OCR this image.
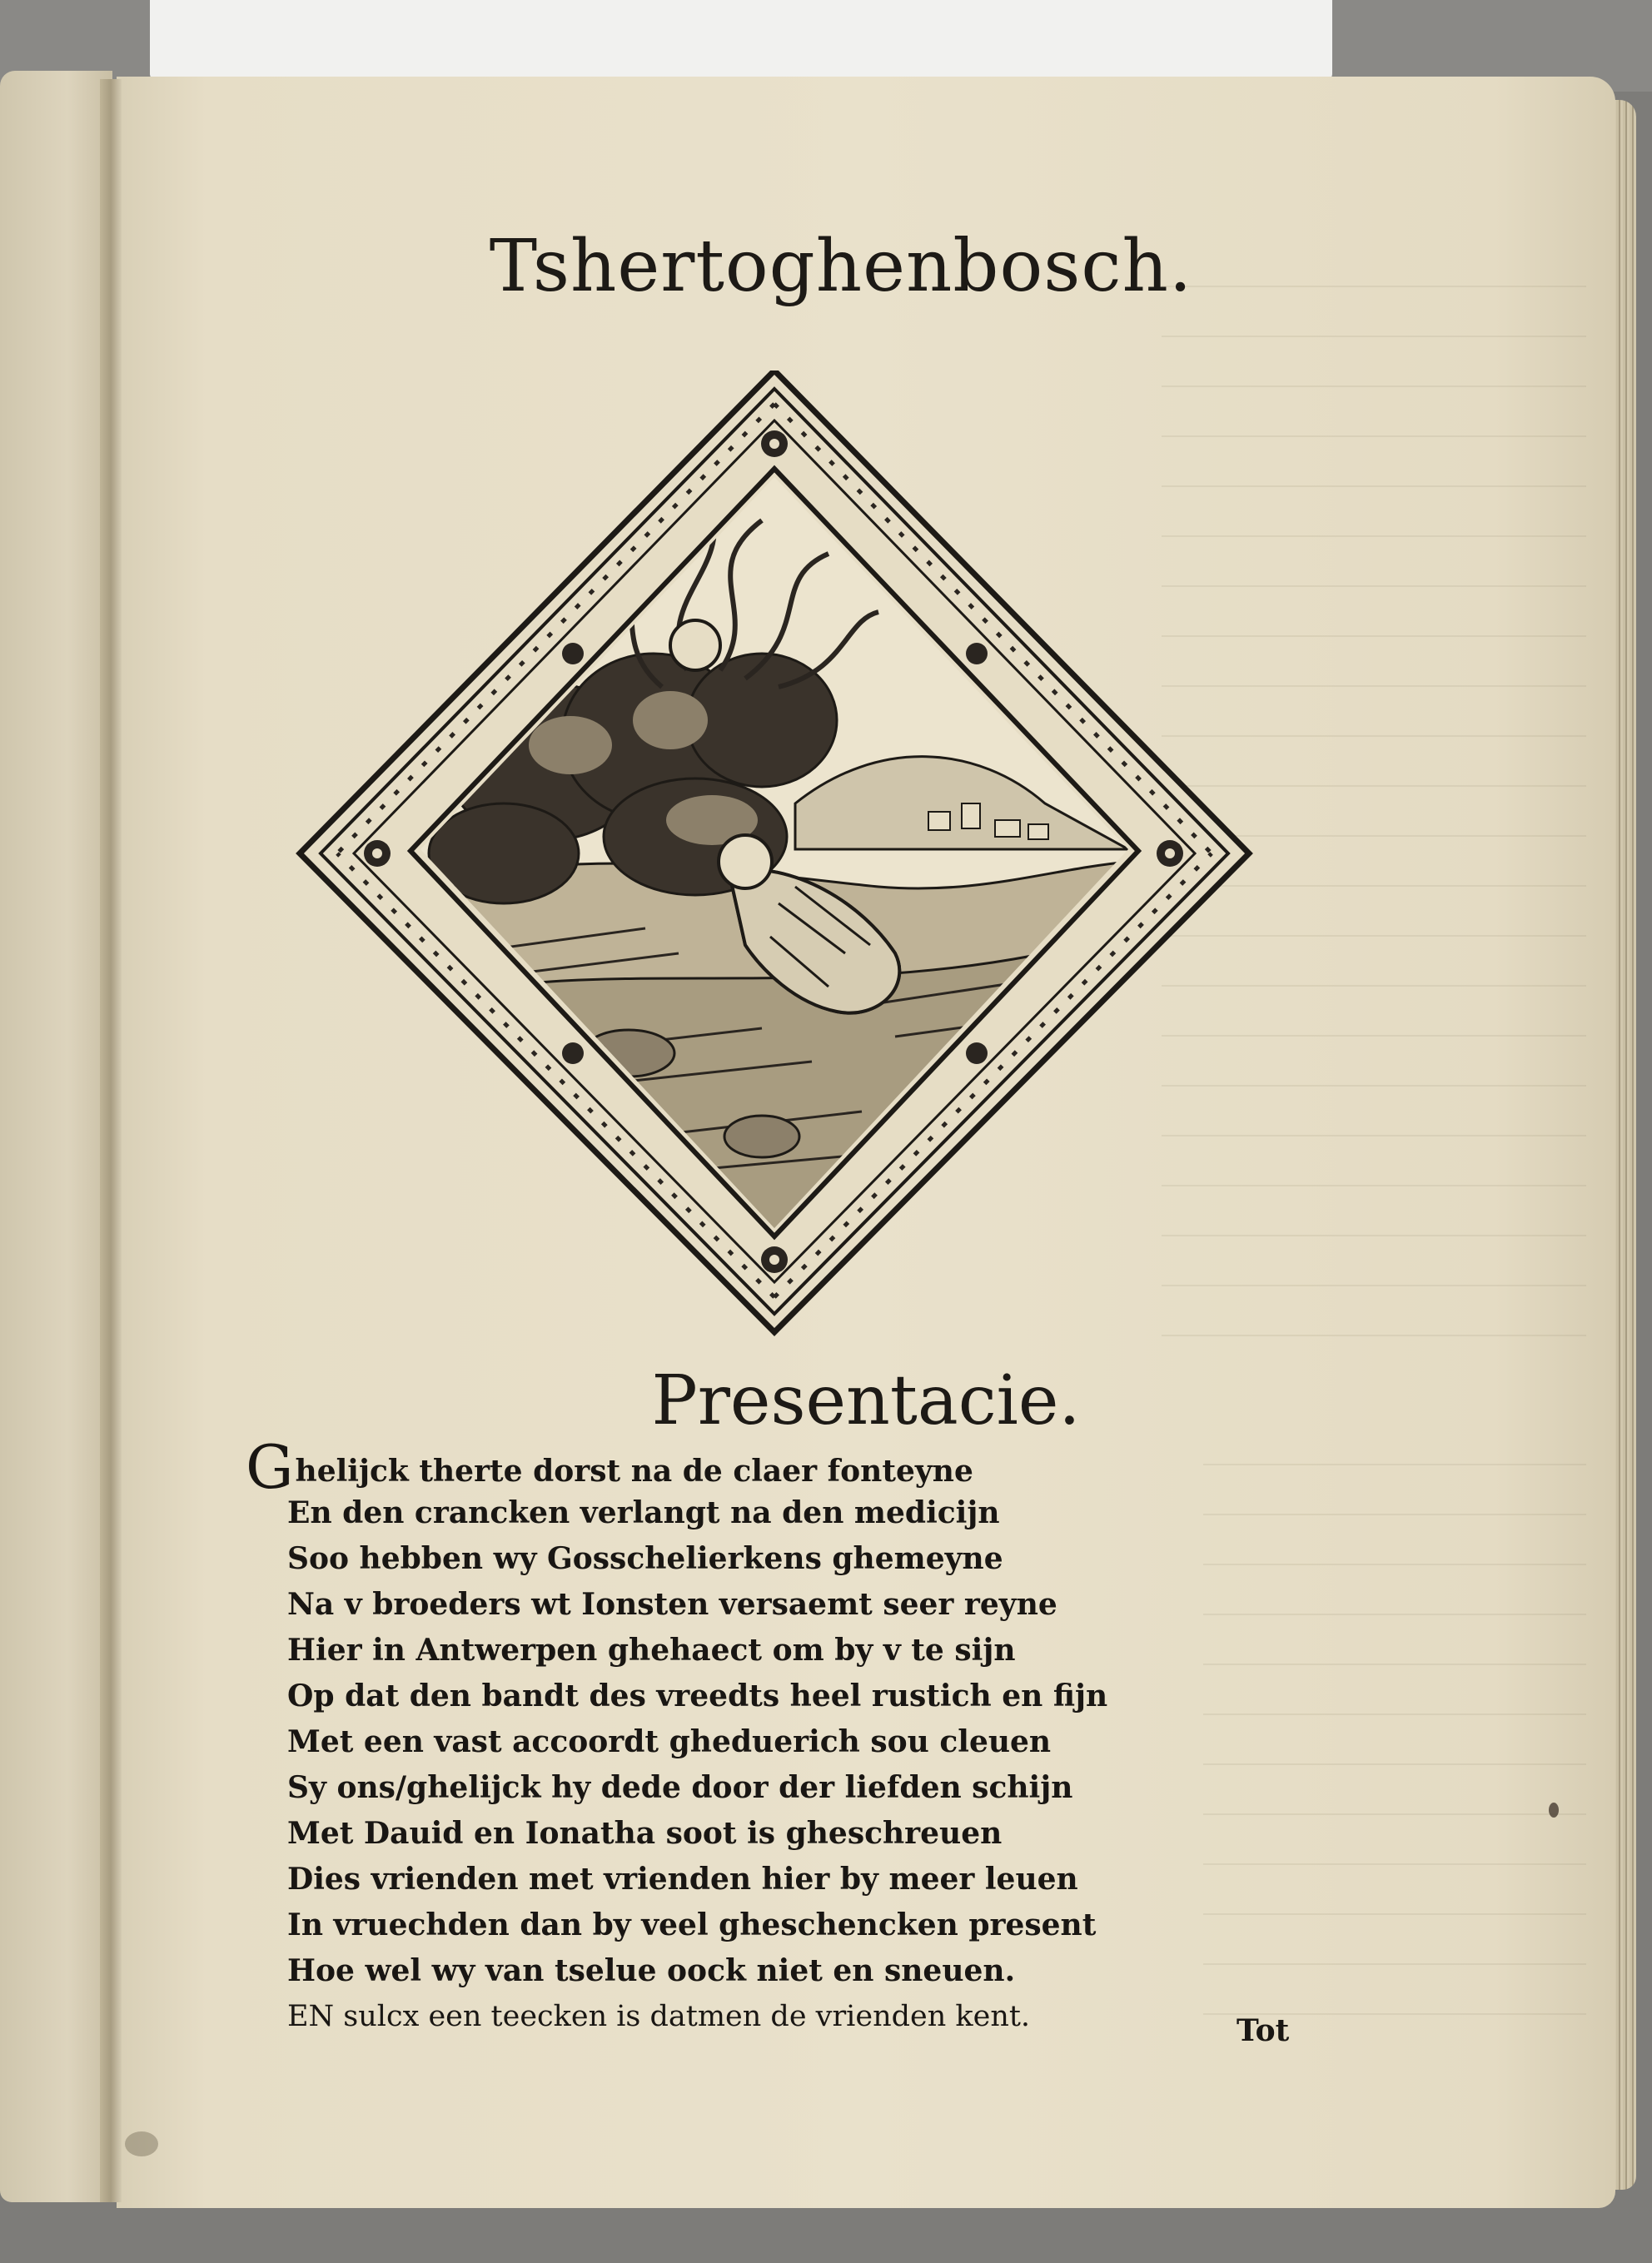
Tshertoghenbosch.
Presentacie.
Ghelijck therte dorst na de claer fonteyne
En den crancken verlangt na den medicijn
Soo hebben wy Gosschelierkens ghemeyne
Na v broeders wt Ionsten versaemt seer reyne
Hier in Antwerpen ghehaect om by v te sijn
Op dat den bandt des vreedts heel rustich en fijn
Met een vast accoordt gheduerich sou cleuen
Sy ons/ghelijck hy dede door der liefden schijn
Met Dauid en Ionatha soot is gheschreuen
Dies vrienden met vrienden hier by meer leuen
In vruechden dan by veel gheschencken present
Hoe wel wy van tselue oock niet en sneuen.
EN sulcx een teecken is datmen de vrienden kent.	Tot
